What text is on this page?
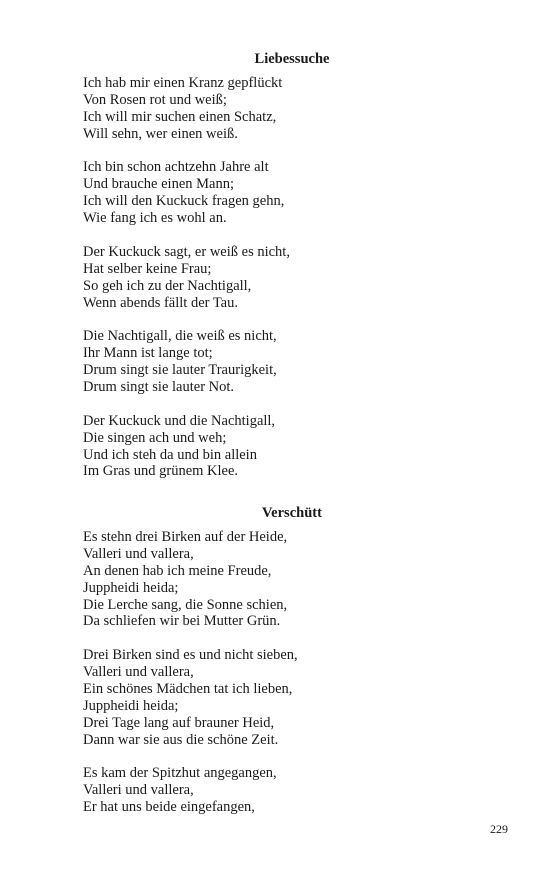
Liebessuche
Ich hab mir einen Kranz gepflückt
Von Rosen rot und weiß;
Ich will mir suchen einen Schatz,
Will sehn, wer einen weiß.
Ich bin schon achtzehn Jahre alt
Und brauche einen Mann;
Ich will den Kuckuck fragen gehn,
Wie fang ich es wohl an.
Der Kuckuck sagt, er weiß es nicht,
Hat selber keine Frau;
So geh ich zu der Nachtigall,
Wenn abends fällt der Tau.
Die Nachtigall, die weiß es nicht,
Ihr Mann ist lange tot;
Drum singt sie lauter Traurigkeit,
Drum singt sie lauter Not.
Der Kuckuck und die Nachtigall,
Die singen ach und weh;
Und ich steh da und bin allein
Im Gras und grünem Klee.
Verschütt
Es stehn drei Birken auf der Heide,
Valleri und vallera,
An denen hab ich meine Freude,
Juppheidi heida;
Die Lerche sang, die Sonne schien,
Da schliefen wir bei Mutter Grün.
Drei Birken sind es und nicht sieben,
Valleri und vallera,
Ein schönes Mädchen tat ich lieben,
Juppheidi heida;
Drei Tage lang auf brauner Heid,
Dann war sie aus die schöne Zeit.
Es kam der Spitzhut angegangen,
Valleri und vallera,
Er hat uns beide eingefangen,
229
